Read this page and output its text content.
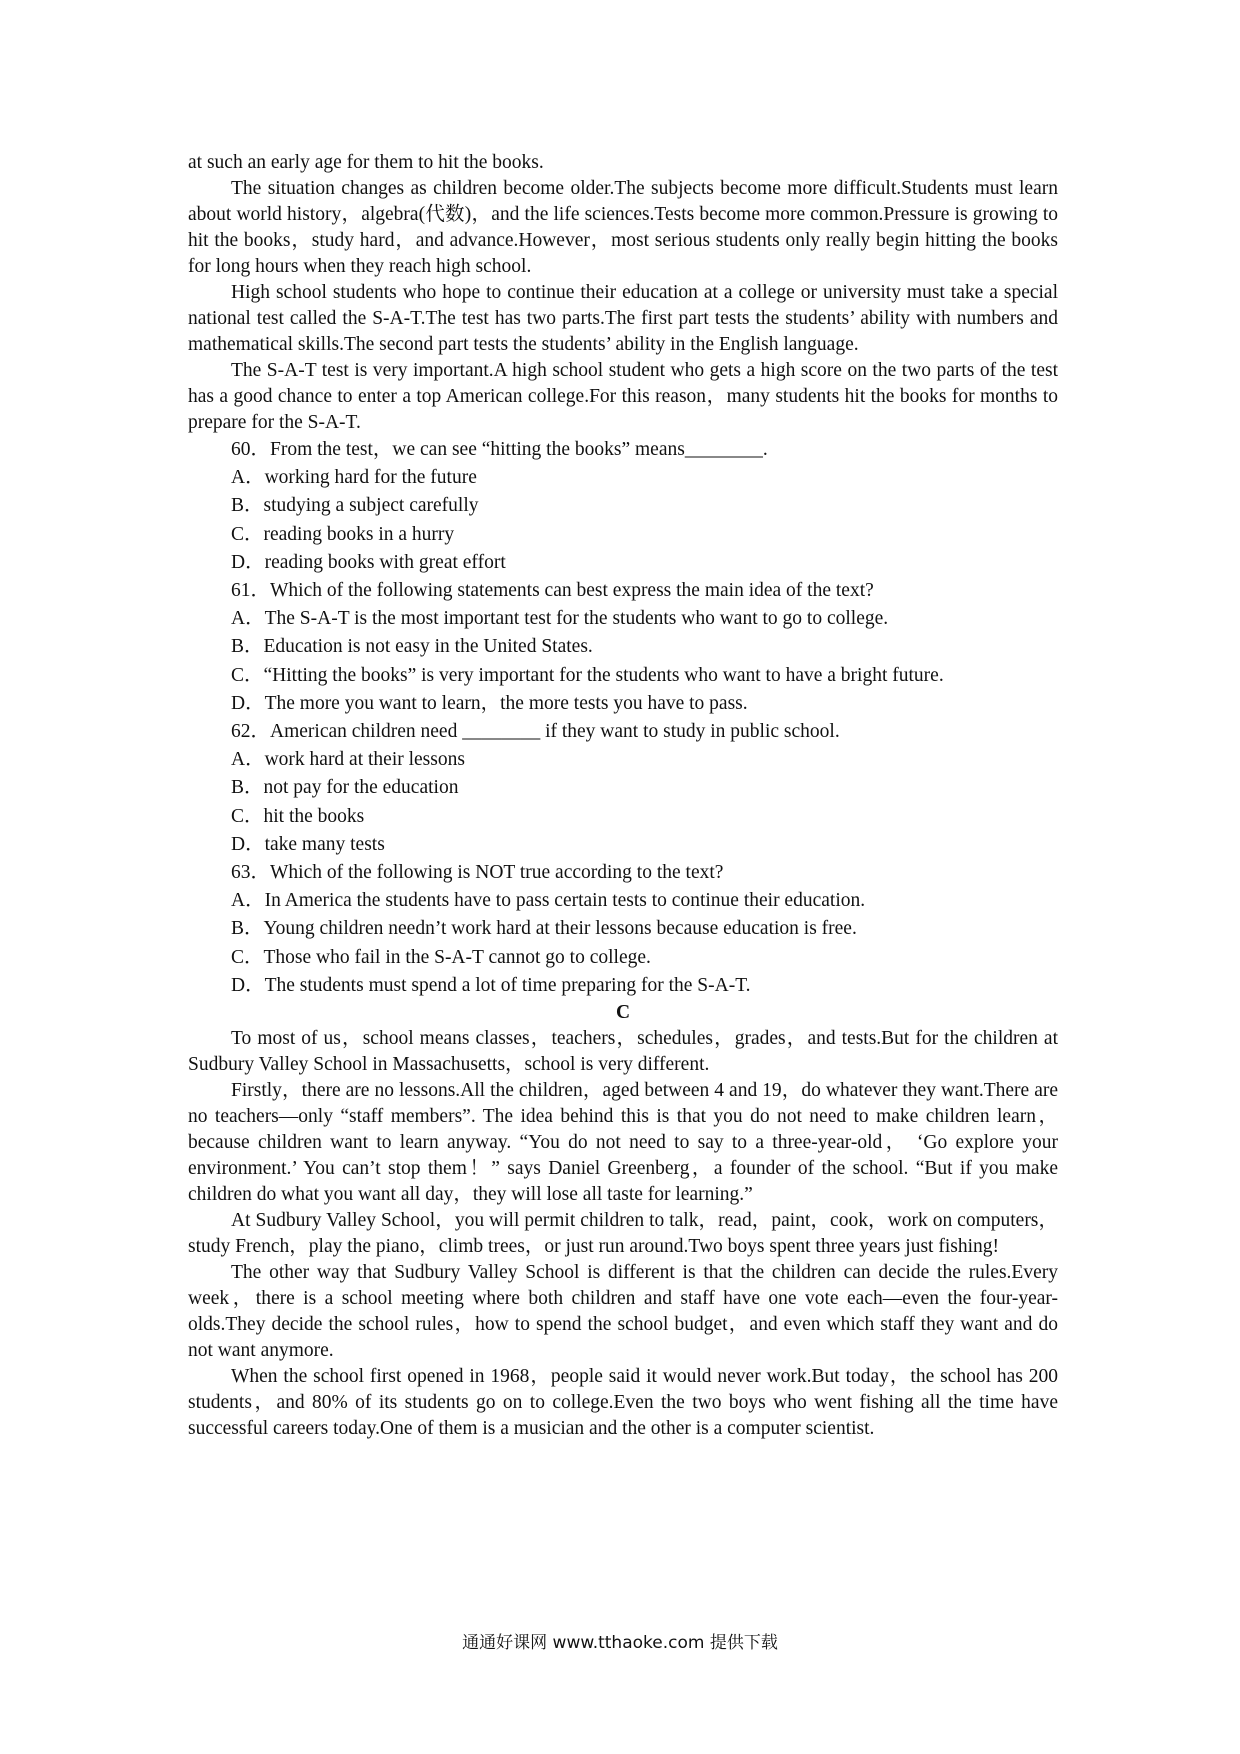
at such an early age for them to hit the books.

The situation changes as children become older.The subjects become more difficult.Students must learn about world history，algebra(代数)，and the life sciences.Tests become more common.Pressure is growing to hit the books，study hard，and advance.However，most serious students only really begin hitting the books for long hours when they reach high school.

High school students who hope to continue their education at a college or university must take a special national test called the S-A-T.The test has two parts.The first part tests the students’ ability with numbers and mathematical skills.The second part tests the students’ ability in the English language.

The S-A-T test is very important.A high school student who gets a high score on the two parts of the test has a good chance to enter a top American college.For this reason，many students hit the books for months to prepare for the S-A-T.

60．From the test，we can see “hitting the books” means________.

A．working hard for the future

B．studying a subject carefully

C．reading books in a hurry

D．reading books with great effort

61．Which of the following statements can best express the main idea of the text?

A．The S-A-T is the most important test for the students who want to go to college.

B．Education is not easy in the United States.

C．“Hitting the books” is very important for the students who want to have a bright future.

D．The more you want to learn，the more tests you have to pass.

62．American children need ________ if they want to study in public school.

A．work hard at their lessons

B．not pay for the education

C．hit the books

D．take many tests

63．Which of the following is NOT true according to the text?

A．In America the students have to pass certain tests to continue their education.

B．Young children needn’t work hard at their lessons because education is free.

C．Those who fail in the S-A-T cannot go to college.

D．The students must spend a lot of time preparing for the S-A-T.

C

To most of us，school means classes，teachers，schedules，grades，and tests.But for the children at Sudbury Valley School in Massachusetts，school is very different.

Firstly，there are no lessons.All the children，aged between 4 and 19，do whatever they want.There are no teachers—only “staff members”. The idea behind this is that you do not need to make children learn，because children want to learn anyway. “You do not need to say to a three-year-old， ‘Go explore your environment.’ You can’t stop them！” says Daniel Greenberg，a founder of the school. “But if you make children do what you want all day，they will lose all taste for learning.”

At Sudbury Valley School，you will permit children to talk，read，paint，cook，work on computers，study French，play the piano，climb trees，or just run around.Two boys spent three years just fishing!

The other way that Sudbury Valley School is different is that the children can decide the rules.Every week，there is a school meeting where both children and staff have one vote each—even the four-year-olds.They decide the school rules，how to spend the school budget，and even which staff they want and do not want anymore.

When the school first opened in 1968，people said it would never work.But today，the school has 200 students，and 80% of its students go on to college.Even the two boys who went fishing all the time have successful careers today.One of them is a musician and the other is a computer scientist.

通通好课网 www.tthaoke.com 提供下载
